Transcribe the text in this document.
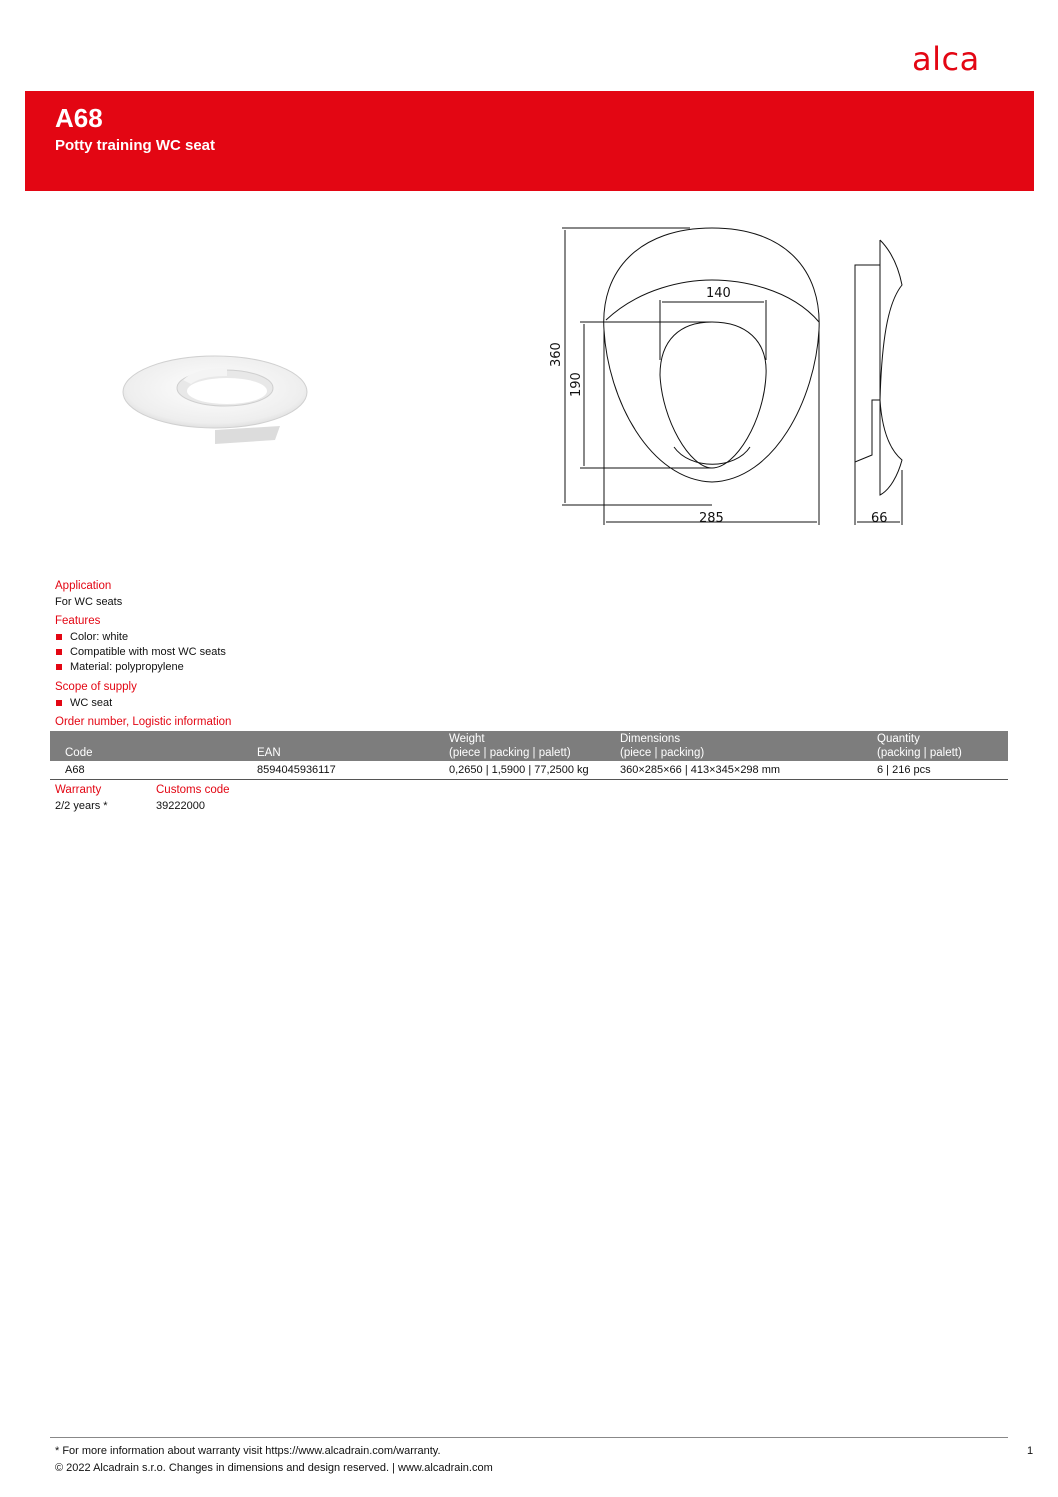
alca
A68
Potty training WC seat
140
285	66
360
190
Application
For WC seats
Features
Color: white
Compatible with most WC seats
Material: polypropylene
Scope of supply
WC seat
Order number, Logistic information
Code	EAN
Weight
(piece | packing | palett)
Dimensions
(piece | packing)
Quantity
(packing | palett)
A68	8594045936117	0,2650 | 1,5900 | 77,2500 kg	360×285×66 | 413×345×298 mm	6 | 216 pcs
Warranty
2/2 years *
Customs code
39222000
* For more information about warranty visit https://www.alcadrain.com/warranty.
© 2022 Alcadrain s.r.o. Changes in dimensions and design reserved. | www.alcadrain.com
1
